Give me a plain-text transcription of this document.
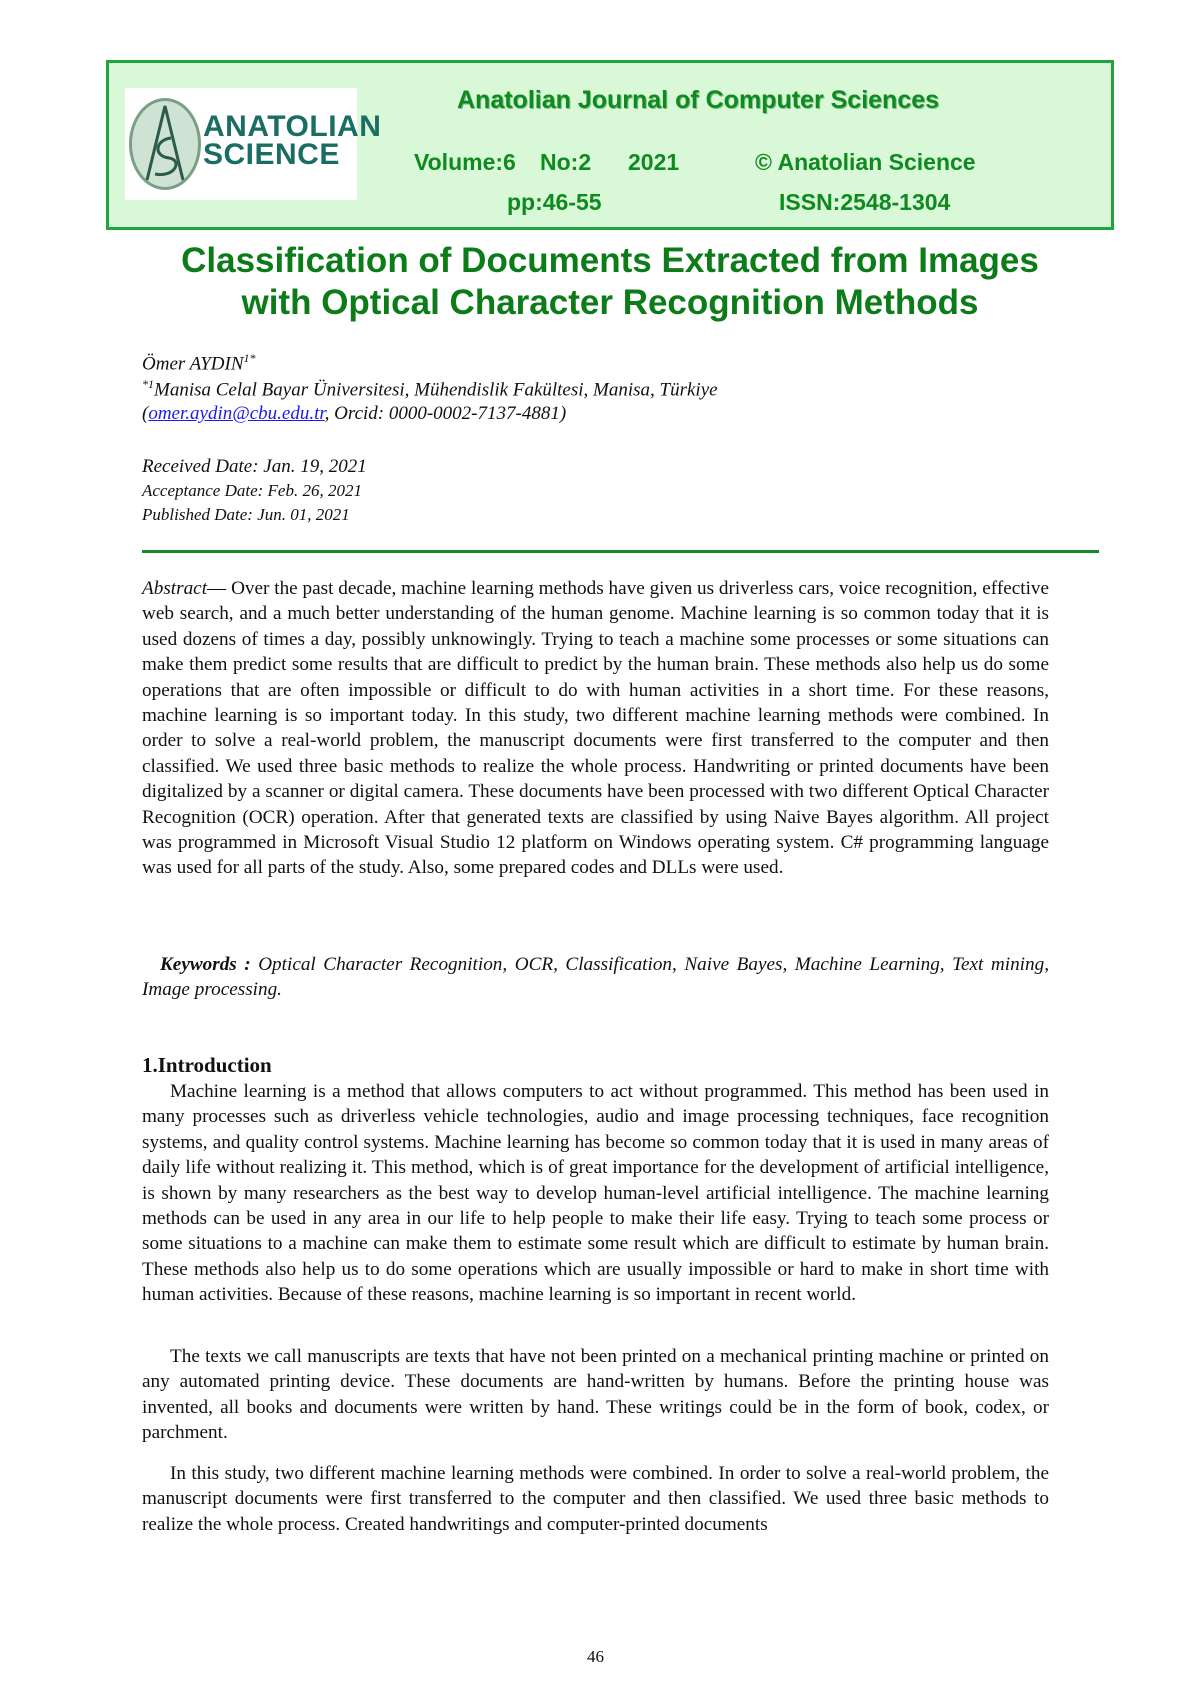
ANATOLIAN
SCIENCE
Anatolian Journal of Computer Sciences
Volume:6 No:2 2021	© Anatolian Science
pp:46-55	ISSN:2548-1304
Classification of Documents Extracted from Images
with Optical Character Recognition Methods
Ömer $AYDIN^{1*}$
$^{*1}$Manisa Celal Bayar Üniversitesi, Mühendislik Fakültesi, Manisa, Türkiye
(omer.aydin@cbu.edu.tr, Orcid: 0000-0002-7137-4881)
Received Date: Jan. 19, 2021
Acceptance Date: Feb. 26, 2021
Published Date: Jun. 01, 2021
Abstract— Over the past decade, machine learning methods have given us driverless cars, voice recognition, effective web search, and a much better understanding of the human genome. Machine learning is so common today that it is used dozens of times a day, possibly unknowingly. Trying to teach a machine some processes or some situations can make them predict some results that are difficult to predict by the human brain. These methods also help us do some operations that are often impossible or difficult to do with human activities in a short time. For these reasons, machine learning is so important today. In this study, two different machine learning methods were combined. In order to solve a real-world problem, the manuscript documents were first transferred to the computer and then classified. We used three basic methods to realize the whole process. Handwriting or printed documents have been digitalized by a scanner or digital camera. These documents have been processed with two different Optical Character Recognition (OCR) operation. After that generated texts are classified by using Naive Bayes algorithm. All project was programmed in Microsoft Visual Studio 12 platform on Windows operating system. C# programming language was used for all parts of the study. Also, some prepared codes and DLLs were used.
Keywords : Optical Character Recognition, OCR, Classification, Naive Bayes, Machine Learning, Text mining, Image processing.
1.Introduction
Machine learning is a method that allows computers to act without programmed. This method has been used in many processes such as driverless vehicle technologies, audio and image processing techniques, face recognition systems, and quality control systems. Machine learning has become so common today that it is used in many areas of daily life without realizing it. This method, which is of great importance for the development of artificial intelligence, is shown by many researchers as the best way to develop human-level artificial intelligence. The machine learning methods can be used in any area in our life to help people to make their life easy. Trying to teach some process or some situations to a machine can make them to estimate some result which are difficult to estimate by human brain. These methods also help us to do some operations which are usually impossible or hard to make in short time with human activities. Because of these reasons, machine learning is so important in recent world.
The texts we call manuscripts are texts that have not been printed on a mechanical printing machine or printed on any automated printing device. These documents are hand-written by humans. Before the printing house was invented, all books and documents were written by hand. These writings could be in the form of book, codex, or parchment.
In this study, two different machine learning methods were combined. In order to solve a real-world problem, the manuscript documents were first transferred to the computer and then classified. We used three basic methods to realize the whole process. Created handwritings and computer-printed documents
46
